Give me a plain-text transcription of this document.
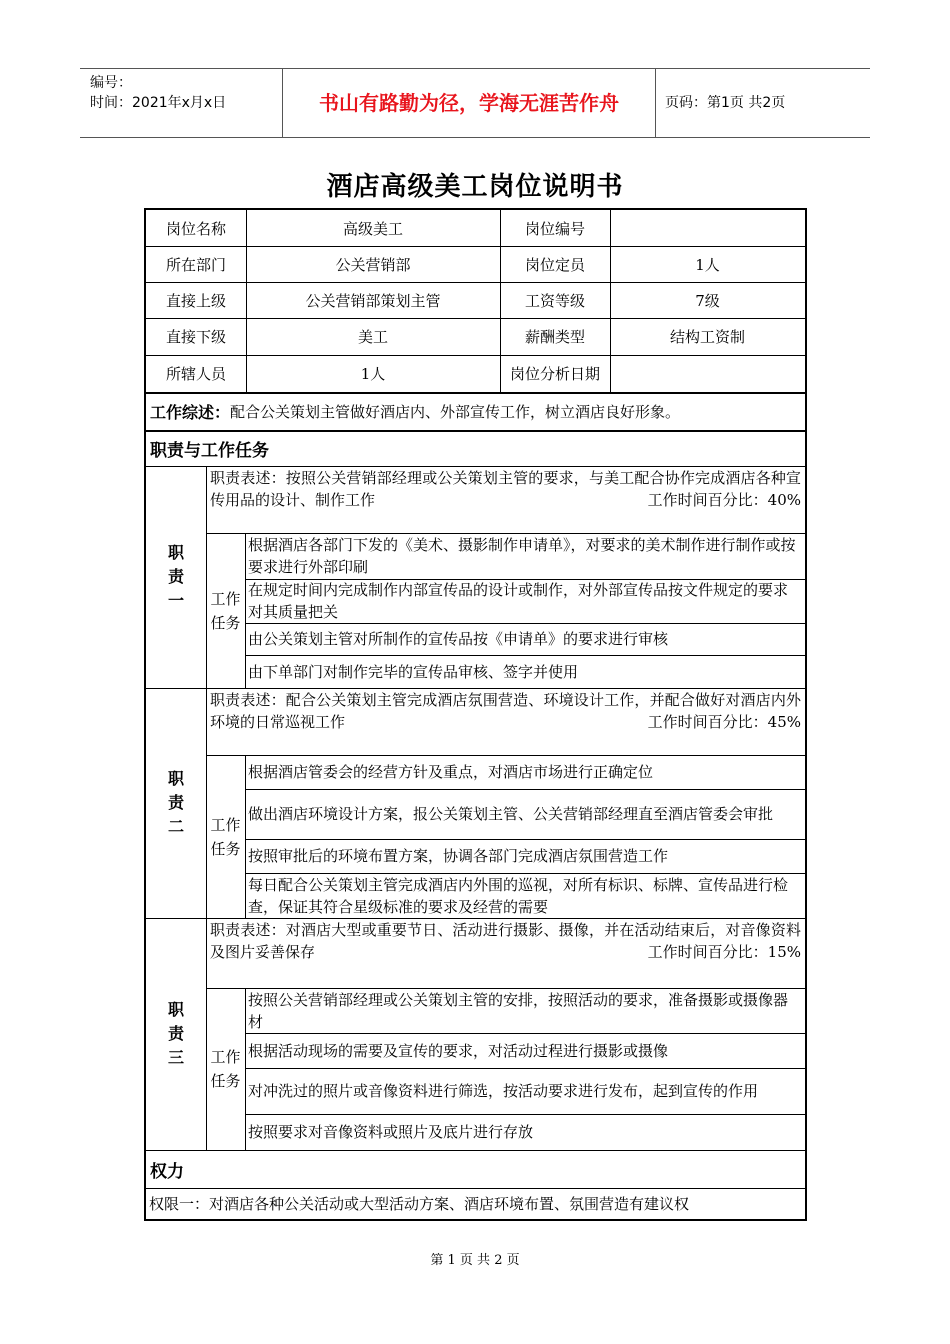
编号：
时间：2021年x月x日	书山有路勤为径，学海无涯苦作舟	页码：第1页 共2页
酒店高级美工岗位说明书
岗位名称	高级美工	岗位编号
所在部门	公关营销部	岗位定员	1人
直接上级	公关营销部策划主管	工资等级	7级
直接下级	美工	薪酬类型	结构工资制
所辖人员	1人	岗位分析日期
工作综述： 配合公关策划主管做好酒店内、外部宣传工作，树立酒店良好形象。
职责与工作任务
职责一
职责表述：按照公关营销部经理或公关策划主管的要求，与美工配合协作完成酒店各种宣传用品的设计、制作工作	工作时间百分比：40%
工作任务
根据酒店各部门下发的《美术、摄影制作申请单》，对要求的美术制作进行制作或按要求进行外部印刷
在规定时间内完成制作内部宣传品的设计或制作，对外部宣传品按文件规定的要求对其质量把关
由公关策划主管对所制作的宣传品按《申请单》的要求进行审核
由下单部门对制作完毕的宣传品审核、签字并使用
职责二
职责表述：配合公关策划主管完成酒店氛围营造、环境设计工作，并配合做好对酒店内外环境的日常巡视工作	工作时间百分比：45%
工作任务
根据酒店管委会的经营方针及重点，对酒店市场进行正确定位
做出酒店环境设计方案，报公关策划主管、公关营销部经理直至酒店管委会审批
按照审批后的环境布置方案，协调各部门完成酒店氛围营造工作
每日配合公关策划主管完成酒店内外围的巡视，对所有标识、标牌、宣传品进行检查，保证其符合星级标准的要求及经营的需要
职责三
职责表述：对酒店大型或重要节日、活动进行摄影、摄像，并在活动结束后，对音像资料及图片妥善保存	工作时间百分比：15%
工作任务
按照公关营销部经理或公关策划主管的安排，按照活动的要求，准备摄影或摄像器材
根据活动现场的需要及宣传的要求，对活动过程进行摄影或摄像
对冲洗过的照片或音像资料进行筛选，按活动要求进行发布，起到宣传的作用
按照要求对音像资料或照片及底片进行存放
权力
权限一：对酒店各种公关活动或大型活动方案、酒店环境布置、氛围营造有建议权
第 1 页 共 2 页
